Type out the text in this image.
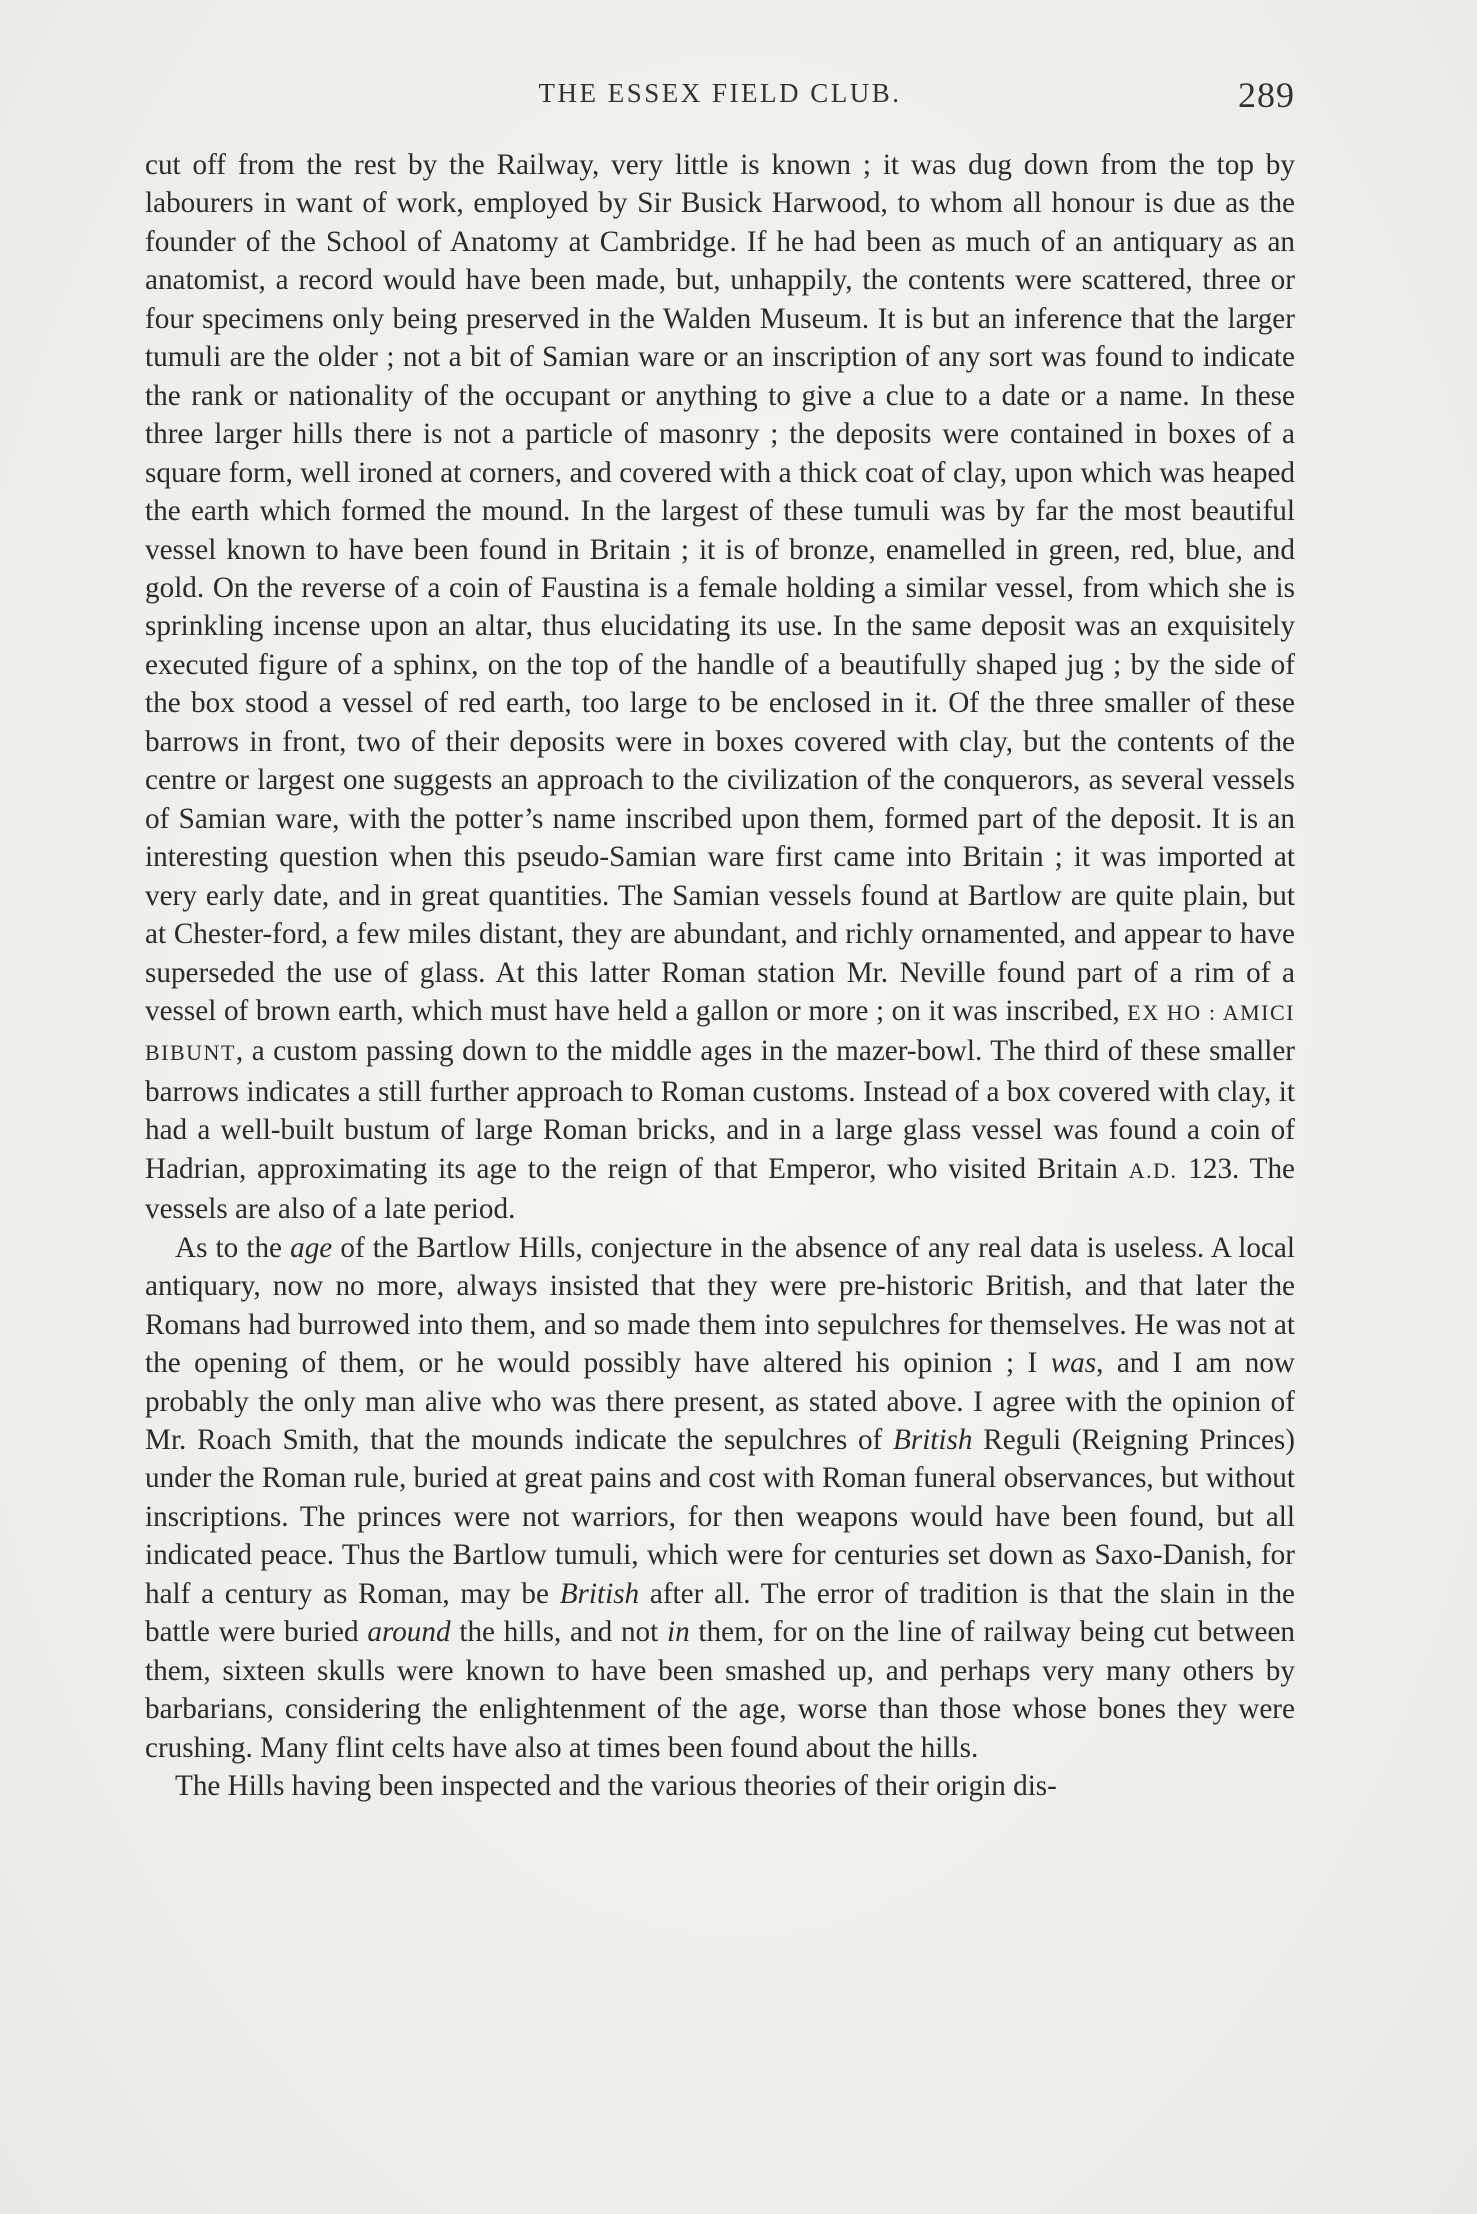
THE ESSEX FIELD CLUB.	289

cut off from the rest by the Railway, very little is known ; it was dug down from the top by labourers in want of work, employed by Sir Busick Harwood, to whom all honour is due as the founder of the School of Anatomy at Cambridge. If he had been as much of an antiquary as an anatomist, a record would have been made, but, unhappily, the contents were scattered, three or four specimens only being preserved in the Walden Museum. It is but an inference that the larger tumuli are the older ; not a bit of Samian ware or an inscription of any sort was found to indicate the rank or nationality of the occupant or anything to give a clue to a date or a name. In these three larger hills there is not a particle of masonry ; the deposits were contained in boxes of a square form, well ironed at corners, and covered with a thick coat of clay, upon which was heaped the earth which formed the mound. In the largest of these tumuli was by far the most beautiful vessel known to have been found in Britain ; it is of bronze, enamelled in green, red, blue, and gold. On the reverse of a coin of Faustina is a female holding a similar vessel, from which she is sprinkling incense upon an altar, thus elucidating its use. In the same deposit was an exquisitely executed figure of a sphinx, on the top of the handle of a beautifully shaped jug ; by the side of the box stood a vessel of red earth, too large to be enclosed in it. Of the three smaller of these barrows in front, two of their deposits were in boxes covered with clay, but the contents of the centre or largest one suggests an approach to the civilization of the conquerors, as several vessels of Samian ware, with the potter’s name inscribed upon them, formed part of the deposit. It is an interesting question when this pseudo-Samian ware first came into Britain ; it was imported at very early date, and in great quantities. The Samian vessels found at Bartlow are quite plain, but at Chester-ford, a few miles distant, they are abundant, and richly ornamented, and appear to have superseded the use of glass. At this latter Roman station Mr. Neville found part of a rim of a vessel of brown earth, which must have held a gallon or more ; on it was inscribed, EX HO : AMICI BIBUNT, a custom passing down to the middle ages in the mazer-bowl. The third of these smaller barrows indicates a still further approach to Roman customs. Instead of a box covered with clay, it had a well-built bustum of large Roman bricks, and in a large glass vessel was found a coin of Hadrian, approximating its age to the reign of that Emperor, who visited Britain A.D. 123. The vessels are also of a late period.

As to the age of the Bartlow Hills, conjecture in the absence of any real data is useless. A local antiquary, now no more, always insisted that they were pre-historic British, and that later the Romans had burrowed into them, and so made them into sepulchres for themselves. He was not at the opening of them, or he would possibly have altered his opinion ; I was, and I am now probably the only man alive who was there present, as stated above. I agree with the opinion of Mr. Roach Smith, that the mounds indicate the sepulchres of British Reguli (Reigning Princes) under the Roman rule, buried at great pains and cost with Roman funeral observances, but without inscriptions. The princes were not warriors, for then weapons would have been found, but all indicated peace. Thus the Bartlow tumuli, which were for centuries set down as Saxo-Danish, for half a century as Roman, may be British after all. The error of tradition is that the slain in the battle were buried around the hills, and not in them, for on the line of railway being cut between them, sixteen skulls were known to have been smashed up, and perhaps very many others by barbarians, considering the enlightenment of the age, worse than those whose bones they were crushing. Many flint celts have also at times been found about the hills.

The Hills having been inspected and the various theories of their origin dis-
